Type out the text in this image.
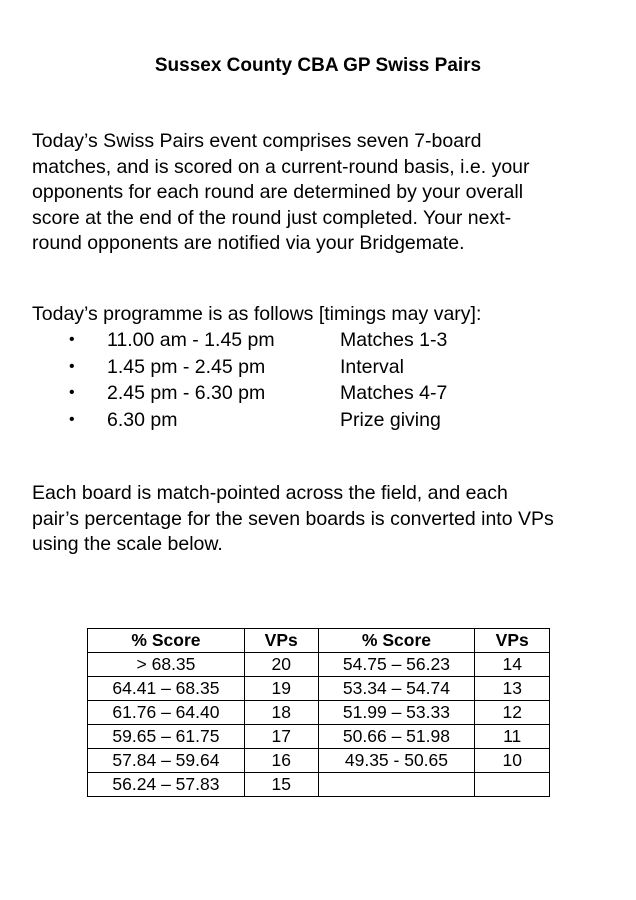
Sussex County CBA GP Swiss Pairs

Today’s Swiss Pairs event comprises seven 7-board
matches, and is scored on a current-round basis, i.e. your
opponents for each round are determined by your overall
score at the end of the round just completed. Your next-
round opponents are notified via your Bridgemate.

Today’s programme is as follows [timings may vary]:

• 11.00 am - 1.45 pm	Matches 1-3
• 1.45 pm - 2.45 pm	Interval
• 2.45 pm - 6.30 pm	Matches 4-7
• 6.30 pm	Prize giving

Each board is match-pointed across the field, and each
pair’s percentage for the seven boards is converted into VPs
using the scale below.

% Score	VPs	% Score	VPs
> 68.35	20	54.75 – 56.23	14
64.41 – 68.35	19	53.34 – 54.74	13
61.76 – 64.40	18	51.99 – 53.33	12
59.65 – 61.75	17	50.66 – 51.98	11
57.84 – 59.64	16	49.35 - 50.65	10
56.24 – 57.83	15		
